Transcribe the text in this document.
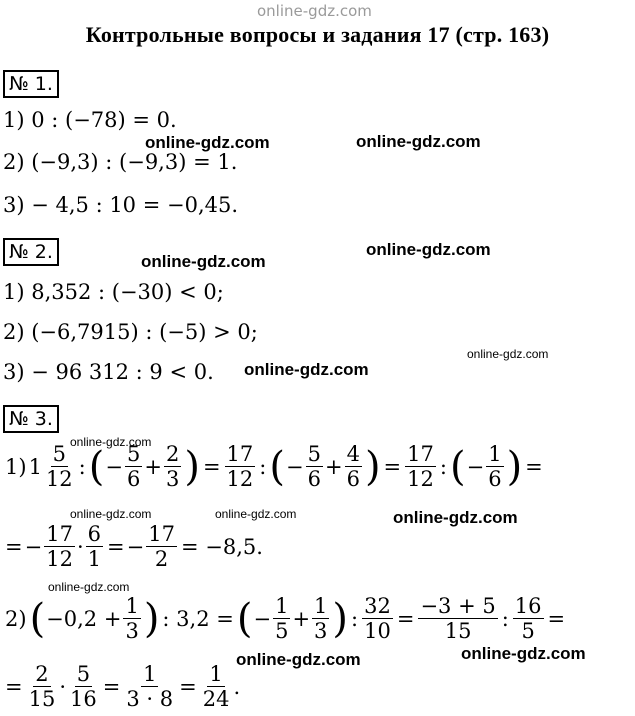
online-gdz.com
Контрольные вопросы и задания 17 (стр. 163)
№ 1.
1) 0 : (−78) = 0.
2) (−9,3) : (−9,3) = 1.
3) − 4,5 : 10 = −0,45.
№ 2.
1) 8,352 : (−30) < 0;
2) (−6,7915) : (−5) > 0;
3) − 96 312 : 9 < 0.
№ 3.
1) $1 \frac{5}{12}$ : ( − $\frac{5}{6} + \frac{2}{3}$ ) = $\frac{17}{12}$ : ( − $\frac{5}{6} + \frac{4}{6}$ ) = $\frac{17}{12}$ : ( − $\frac{1}{6}$ ) =
= − $\frac{17}{12} \cdot \frac{6}{1}$ = − $\frac{17}{2} = -8,5$.
2) ( $-0,2 + \frac{1}{3}$ ) : 3,2 = ( − $\frac{1}{5} + \frac{1}{3}$ ) : $\frac{32}{10} = \frac{-3 + 5}{15}$ : $\frac{16}{5}$ =
= $\frac{2}{15} \cdot \frac{5}{16} = \frac{1}{3 \cdot 8} = \frac{1}{24}$ .
online-gdz.com	online-gdz.com
online-gdz.com
online-gdz.com
online-gdz.com
online-gdz.com
online-gdz.com
online-gdz.com	online-gdz.com	online-gdz.com
online-gdz.com
online-gdz.com	online-gdz.com
